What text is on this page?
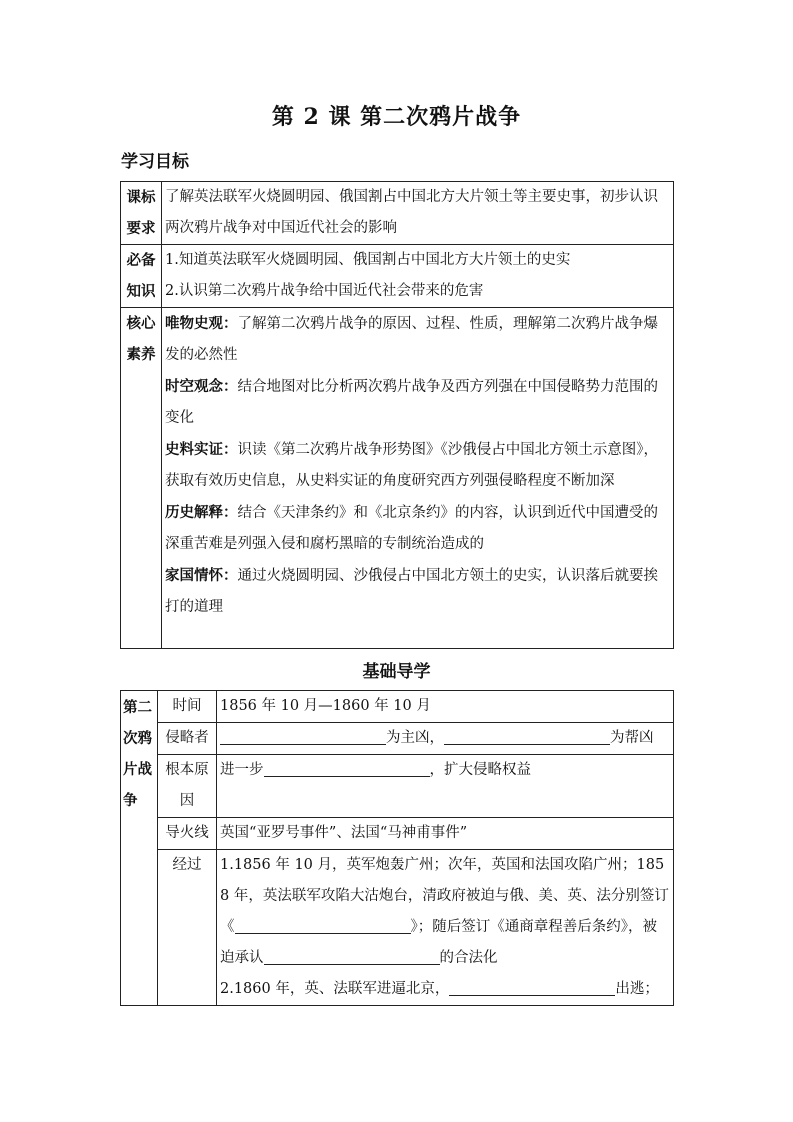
第 2 课 第二次鸦片战争
学习目标
课标要求	了解英法联军火烧圆明园、俄国割占中国北方大片领土等主要史事，初步认识两次鸦片战争对中国近代社会的影响
必备知识	1.知道英法联军火烧圆明园、俄国割占中国北方大片领土的史实
2.认识第二次鸦片战争给中国近代社会带来的危害

核心素养	唯物史观：了解第二次鸦片战争的原因、过程、性质，理解第二次鸦片战争爆发的必然性

时空观念：结合地图对比分析两次鸦片战争及西方列强在中国侵略势力范围的变化

史料实证：识读《第二次鸦片战争形势图》《沙俄侵占中国北方领土示意图》，获取有效历史信息，从史料实证的角度研究西方列强侵略程度不断加深

历史解释：结合《天津条约》和《北京条约》的内容，认识到近代中国遭受的深重苦难是列强入侵和腐朽黑暗的专制统治造成的

家国情怀：通过火烧圆明园、沙俄侵占中国北方领土的史实，认识落后就要挨打的道理

基础导学
第二次鸦片战争	时间	1856 年 10 月—1860 年 10 月
	侵略者	为主凶， 为帮凶
	根本原因	进一步 ，扩大侵略权益
	导火线	英国“亚罗号事件”、法国“马神甫事件”
	经过	1.1856 年 10 月，英军炮轰广州；次年，英国和法国攻陷广州；1858 年，英法联军攻陷大沽炮台，清政府被迫与俄、美、英、法分别签订《 》；随后签订《通商章程善后条约》，被迫承认 的合法化
2.1860 年，英、法联军进逼北京， 出逃；
